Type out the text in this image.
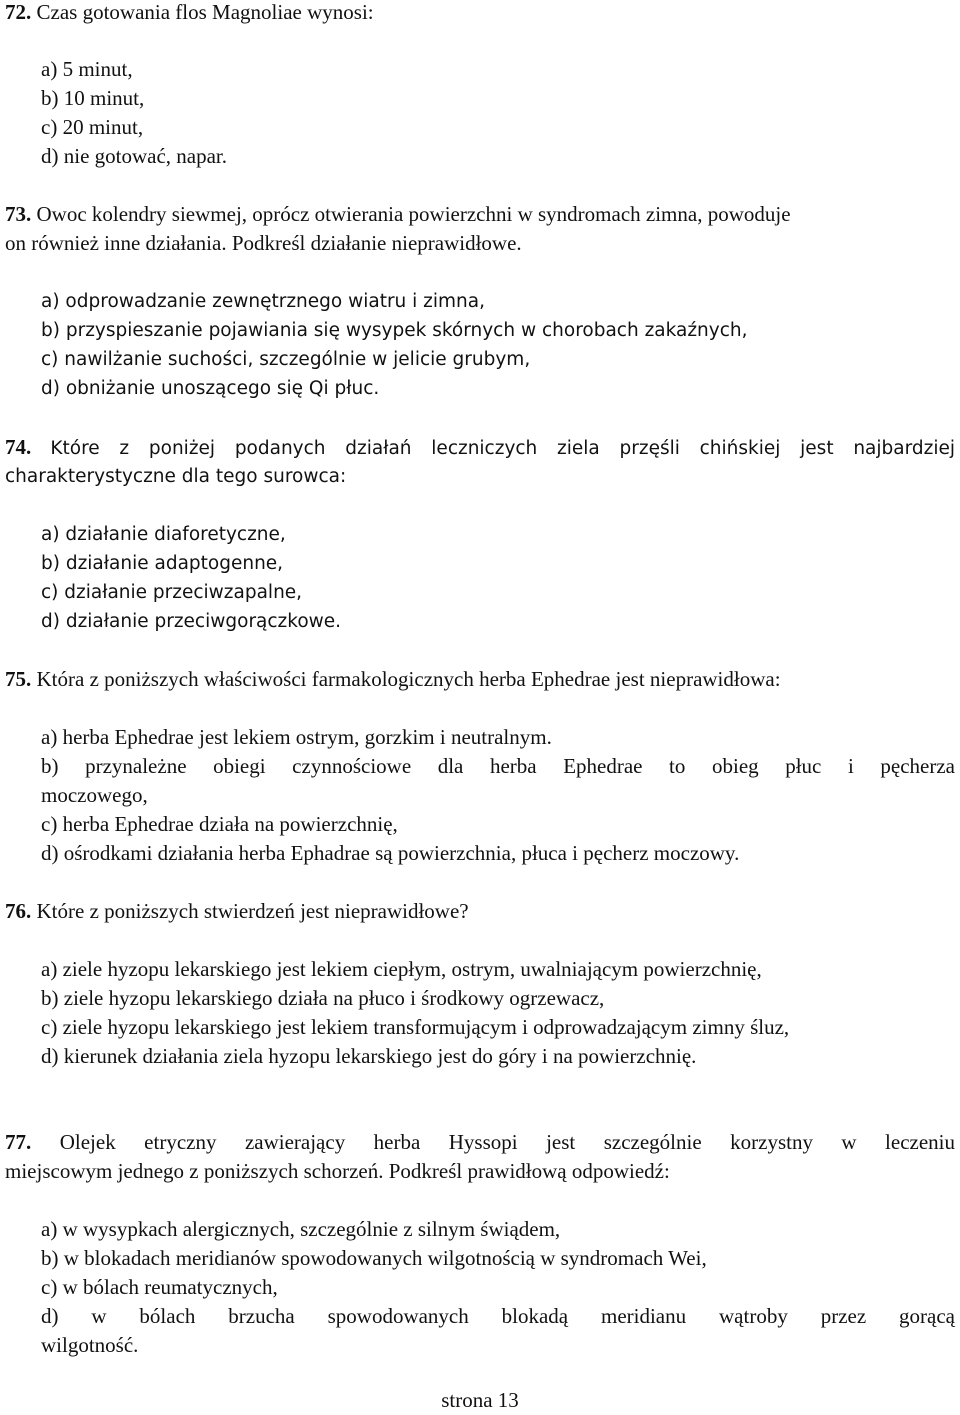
72. Czas gotowania flos Magnoliae wynosi:
a) 5 minut,
b) 10 minut,
c) 20 minut,
d) nie gotować, napar.
73. Owoc kolendry siewmej, oprócz otwierania powierzchni w syndromach zimna, powoduje
on również inne działania. Podkreśl działanie nieprawidłowe.
a) odprowadzanie zewnętrznego wiatru i zimna,
b) przyspieszanie pojawiania się wysypek skórnych w chorobach zakaźnych,
c) nawilżanie suchości, szczególnie w jelicie grubym,
d) obniżanie unoszącego się Qi płuc.
74. Które z poniżej podanych działań leczniczych ziela przęśli chińskiej jest najbardziej
charakterystyczne dla tego surowca:
a) działanie diaforetyczne,
b) działanie adaptogenne,
c) działanie przeciwzapalne,
d) działanie przeciwgorączkowe.
75. Która z poniższych właściwości farmakologicznych herba Ephedrae jest nieprawidłowa:
a) herba Ephedrae jest lekiem ostrym, gorzkim i neutralnym.
b) przynależne obiegi czynnościowe dla herba Ephedrae to obieg płuc i pęcherza
moczowego,
c) herba Ephedrae działa na powierzchnię,
d) ośrodkami działania herba Ephadrae są powierzchnia, płuca i pęcherz moczowy.
76. Które z poniższych stwierdzeń jest nieprawidłowe?
a) ziele hyzopu lekarskiego jest lekiem ciepłym, ostrym, uwalniającym powierzchnię,
b) ziele hyzopu lekarskiego działa na płuco i środkowy ogrzewacz,
c) ziele hyzopu lekarskiego jest lekiem transformującym i odprowadzającym zimny śluz,
d) kierunek działania ziela hyzopu lekarskiego jest do góry i na powierzchnię.
77. Olejek etryczny zawierający herba Hyssopi jest szczególnie korzystny w leczeniu
miejscowym jednego z poniższych schorzeń. Podkreśl prawidłową odpowiedź:
a) w wysypkach alergicznych, szczególnie z silnym świądem,
b) w blokadach meridianów spowodowanych wilgotnością w syndromach Wei,
c) w bólach reumatycznych,
d) w bólach brzucha spowodowanych blokadą meridianu wątroby przez gorącą
wilgotność.
strona 13
